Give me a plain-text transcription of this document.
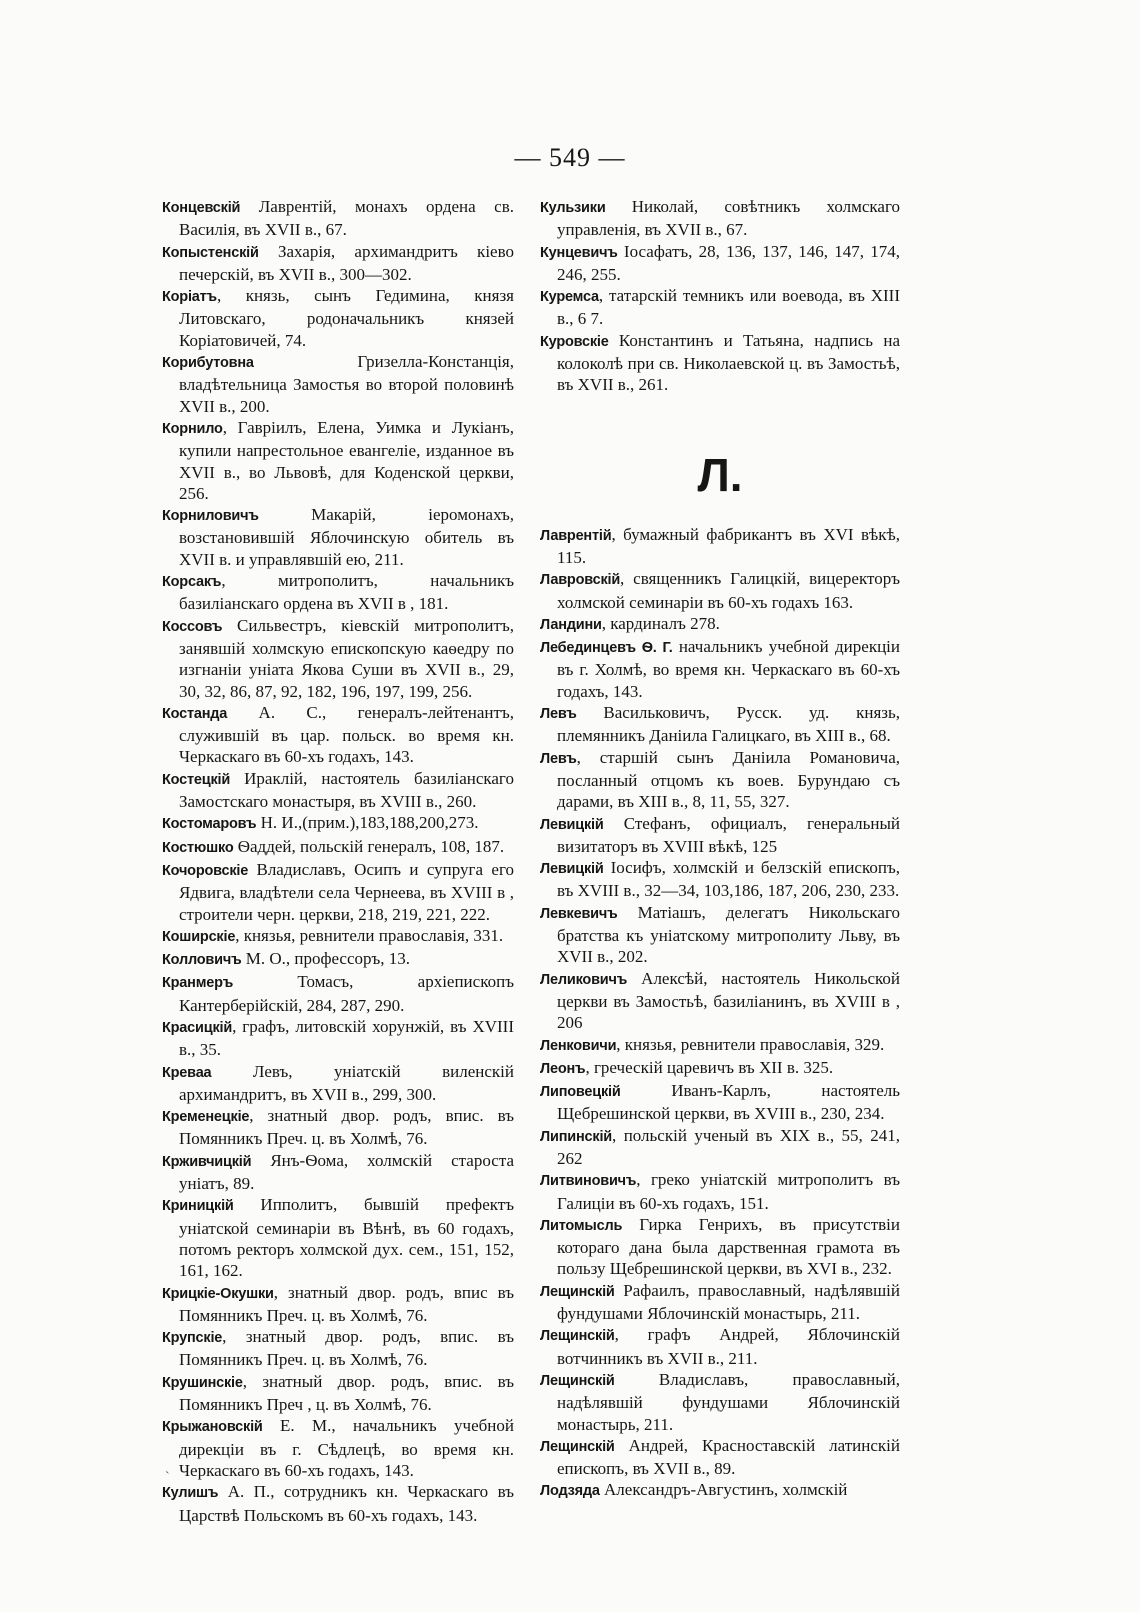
— 549 —

Концевскій Лаврентій, монахъ ордена св. Василія, въ XVII в., 67.

Копыстенскій Захарія, архимандритъ кіево печерскій, въ XVII в., 300—302.

Коріатъ, князь, сынъ Гедимина, князя Литовскаго, родоначальникъ князей Коріатовичей, 74.

Корибутовна Гризелла-Констанція, владѣтельница Замостья во второй половинѣ XVII в., 200.

Корнило, Гавріилъ, Елена, Уимка и Лукіанъ, купили напрестольное евангеліе, изданное въ XVII в., во Львовѣ, для Коденской церкви, 256.

Корниловичъ Макарій, іеромонахъ, возстановившій Яблочинскую обитель въ XVII в. и управлявшій ею, 211.

Корсакъ, митрополитъ, начальникъ базиліанскаго ордена въ XVII в , 181.

Коссовъ Сильвестръ, кіевскій митрополитъ, занявшій холмскую епископскую каѳедру по изгнаніи уніата Якова Суши въ XVII в., 29, 30, 32, 86, 87, 92, 182, 196, 197, 199, 256.

Костанда А. С., генералъ-лейтенантъ, служившій въ цар. польск. во время кн. Черкаскаго въ 60-хъ годахъ, 143.

Костецкій Ираклій, настоятель базиліанскаго Замостскаго монастыря, въ XVIII в., 260.

Костомаровъ Н. И.,(прим.),183,188,200,273.

Костюшко Ѳаддей, польскій генералъ, 108, 187.

Кочоровскіе Владиславъ, Осипъ и супруга его Ядвига, владѣтели села Чернеева, въ XVIII в , строители черн. церкви, 218, 219, 221, 222.

Коширскіе, князья, ревнители православія, 331.

Колловичъ М. О., профессоръ, 13.

Кранмеръ Томасъ, архіепископъ Кантерберійскій, 284, 287, 290.

Красицкій, графъ, литовскій хорунжій, въ XVIII в., 35.

Креваа Левъ, уніатскій виленскій архимандритъ, въ XVII в., 299, 300.

Кременецкіе, знатный двор. родъ, впис. въ Помянникъ Преч. ц. въ Холмѣ, 76.

Крживчицкій Янъ-Ѳома, холмскій староста уніатъ, 89.

Криницкій Ипполитъ, бывшій префектъ уніатской семинаріи въ Вѣнѣ, въ 60 годахъ, потомъ ректоръ холмской дух. сем., 151, 152, 161, 162.

Крицкіе-Окушки, знатный двор. родъ, впис въ Помянникъ Преч. ц. въ Холмѣ, 76.

Крупскіе, знатный двор. родъ, впис. въ Помянникъ Преч. ц. въ Холмѣ, 76.

Крушинскіе, знатный двор. родъ, впис. въ Помянникъ Преч , ц. въ Холмѣ, 76.

Крыжановскій Е. М., начальникъ учебной дирекціи въ г. Сѣдлецѣ, во время кн. Черкаскаго въ 60-хъ годахъ, 143.

Кулишъ А. П., сотрудникъ кн. Черкаскаго въ Царствѣ Польскомъ въ 60-хъ годахъ, 143.

Кульзики Николай, совѣтникъ холмскаго управленія, въ XVII в., 67.

Кунцевичъ Іосафатъ, 28, 136, 137, 146, 147, 174, 246, 255.

Куремса, татарскій темникъ или воевода, въ XIII в., 6 7.

Куровскіе Константинъ и Татьяна, надпись на колоколѣ при св. Николаевской ц. въ Замостьѣ, въ XVII в., 261.

Л.

Лаврентій, бумажный фабрикантъ въ XVI вѣкѣ, 115.

Лавровскій, священникъ Галицкій, вицеректоръ холмской семинаріи въ 60-хъ годахъ 163.

Ландини, кардиналъ 278.

Лебединцевъ Ѳ. Г. начальникъ учебной дирекціи въ г. Холмѣ, во время кн. Черкаскаго въ 60-хъ годахъ, 143.

Левъ Васильковичъ, Русск. уд. князь, племянникъ Даніила Галицкаго, въ XIII в., 68.

Левъ, старшій сынъ Даніила Романовича, посланный отцомъ къ воев. Бурундаю съ дарами, въ XIII в., 8, 11, 55, 327.

Левицкій Стефанъ, официалъ, генеральный визитаторъ въ XVIII вѣкѣ, 125

Левицкій Іосифъ, холмскій и белзскій епископъ, въ XVIII в., 32—34, 103,186, 187, 206, 230, 233.

Левкевичъ Матіашъ, делегатъ Никольскаго братства къ уніатскому митрополиту Льву, въ XVII в., 202.

Леликовичъ Алексѣй, настоятель Никольской церкви въ Замостьѣ, базиліанинъ, въ XVIII в , 206

Ленковичи, князья, ревнители православія, 329.

Леонъ, греческій царевичъ въ XII в. 325.

Липовецкій Иванъ-Карлъ, настоятель Щебрешинской церкви, въ XVIII в., 230, 234.

Липинскій, польскій ученый въ XIX в., 55, 241, 262

Литвиновичъ, греко уніатскій митрополитъ въ Галиціи въ 60-хъ годахъ, 151.

Литомысль Гирка Генрихъ, въ присутствіи котораго дана была дарственная грамота въ пользу Щебрешинской церкви, въ XVI в., 232.

Лещинскій Рафаилъ, православный, надѣлявшій фундушами Яблочинскій монастырь, 211.

Лещинскій, графъ Андрей, Яблочинскій вотчинникъ въ XVII в., 211.

Лещинскій Владиславъ, православный, надѣлявшій фундушами Яблочинскій монастырь, 211.

Лещинскій Андрей, Красноставскій латинскій епископъ, въ XVII в., 89.

Лодзяда Александръ-Августинъ, холмскій

ˋ
